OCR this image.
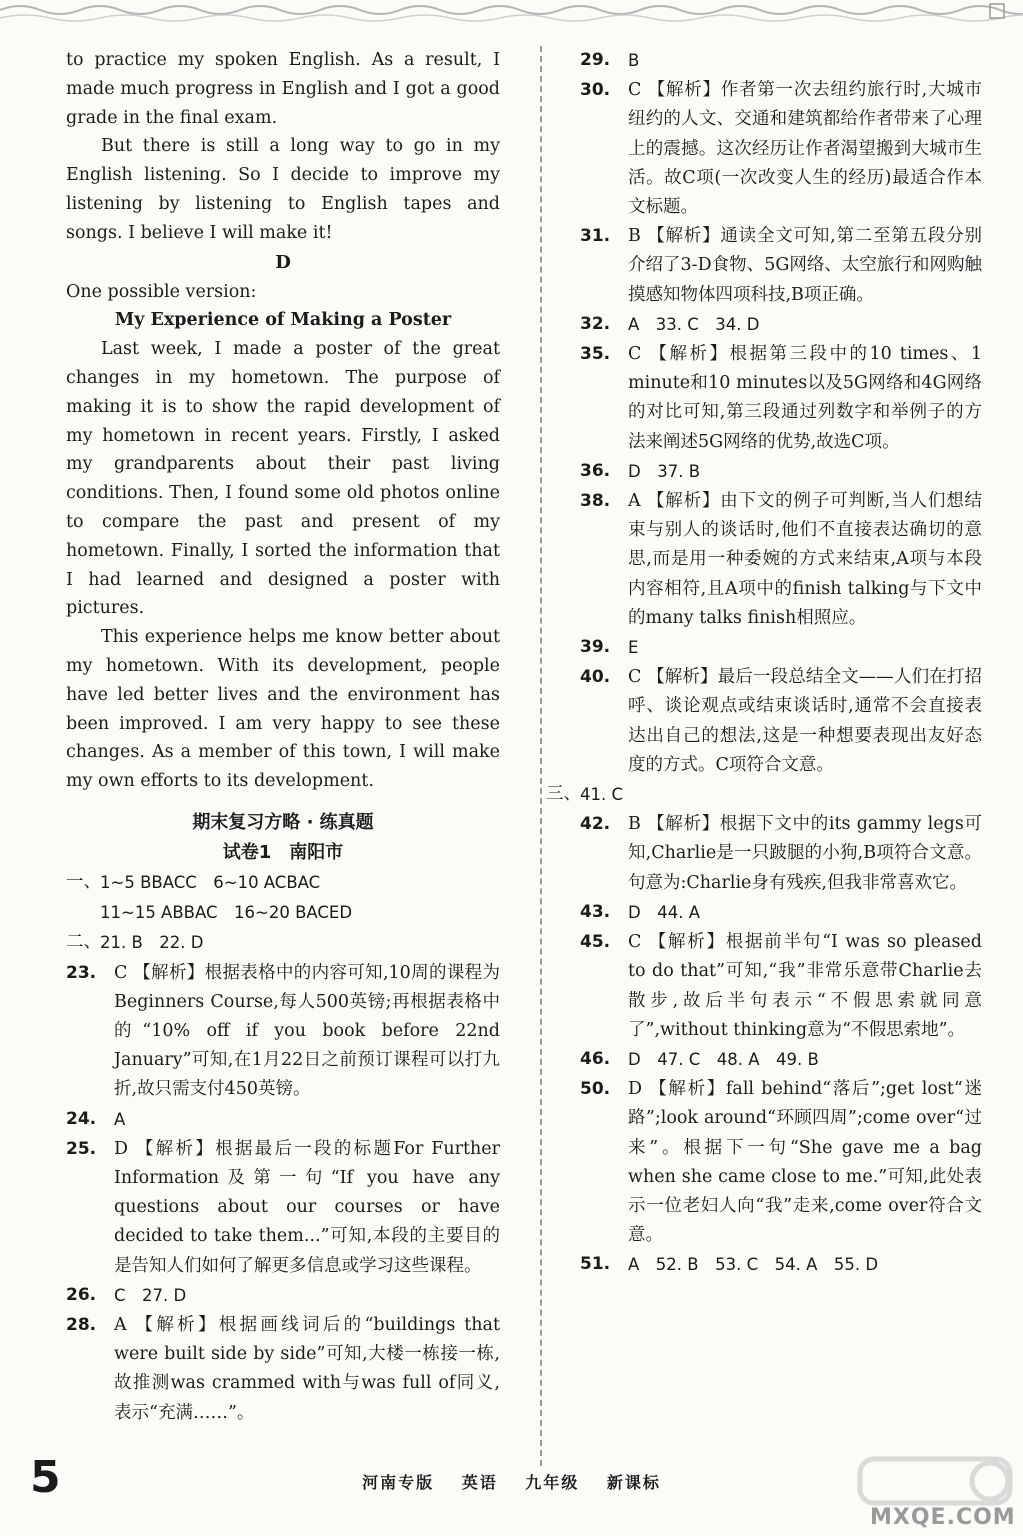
to practice my spoken English. As a result, I made much progress in English and I got a good grade in the final exam.

But there is still a long way to go in my English listening. So I decide to improve my listening by listening to English tapes and songs. I believe I will make it!

D

One possible version:

My Experience of Making a Poster

Last week, I made a poster of the great changes in my hometown. The purpose of making it is to show the rapid development of my hometown in recent years. Firstly, I asked my grandparents about their past living conditions. Then, I found some old photos online to compare the past and present of my hometown. Finally, I sorted the information that I had learned and designed a poster with pictures.

This experience helps me know better about my hometown. With its development, people have led better lives and the environment has been improved. I am very happy to see these changes. As a member of this town, I will make my own efforts to its development.

期末复习方略 · 练真题
试卷1　南阳市

一、 1~5 BBACC　6~10 ACBAC

11~15 ABBAC　16~20 BACED

二、 21. B　22. D

23. C 【解析】根据表格中的内容可知,10周的课程为Beginners Course,每人500英镑;再根据表格中的“10% off if you book before 22nd January”可知,在1月22日之前预订课程可以打九折,故只需支付450英镑。

24. A

25. D 【解析】根据最后一段的标题For Further Information及第一句“If you have any questions about our courses or have decided to take them...”可知,本段的主要目的是告知人们如何了解更多信息或学习这些课程。

26. C　27. D

28. A 【解析】根据画线词后的“buildings that were built side by side”可知,大楼一栋接一栋,故推测was crammed with与was full of同义,表示“充满……”。

29. B

30. C 【解析】作者第一次去纽约旅行时,大城市纽约的人文、交通和建筑都给作者带来了心理上的震撼。这次经历让作者渴望搬到大城市生活。故C项(一次改变人生的经历)最适合作本文标题。

31. B 【解析】通读全文可知,第二至第五段分别介绍了3-D食物、5G网络、太空旅行和网购触摸感知物体四项科技,B项正确。

32. A　33. C　34. D

35. C 【解析】根据第三段中的10 times、1 minute和10 minutes以及5G网络和4G网络的对比可知,第三段通过列数字和举例子的方法来阐述5G网络的优势,故选C项。

36. D　37. B

38. A 【解析】由下文的例子可判断,当人们想结束与别人的谈话时,他们不直接表达确切的意思,而是用一种委婉的方式来结束,A项与本段内容相符,且A项中的finish talking与下文中的many talks finish相照应。

39. E

40. C 【解析】最后一段总结全文——人们在打招呼、谈论观点或结束谈话时,通常不会直接表达出自己的想法,这是一种想要表现出友好态度的方式。C项符合文意。

三、 41. C

42. B 【解析】根据下文中的its gammy legs可知,Charlie是一只跛腿的小狗,B项符合文意。句意为:Charlie身有残疾,但我非常喜欢它。

43. D　44. A

45. C 【解析】根据前半句“I was so pleased to do that”可知,“我”非常乐意带Charlie去散步,故后半句表示“不假思索就同意了”,without thinking意为“不假思索地”。

46. D　47. C　48. A　49. B

50. D 【解析】fall behind“落后”;get lost“迷路”;look around“环顾四周”;come over“过来”。根据下一句“She gave me a bag when she came close to me.”可知,此处表示一位老妇人向“我”走来,come over符合文意。

51. A　52. B　53. C　54. A　55. D

5	河南专版 英语 九年级 新课标
MXQE.COM
